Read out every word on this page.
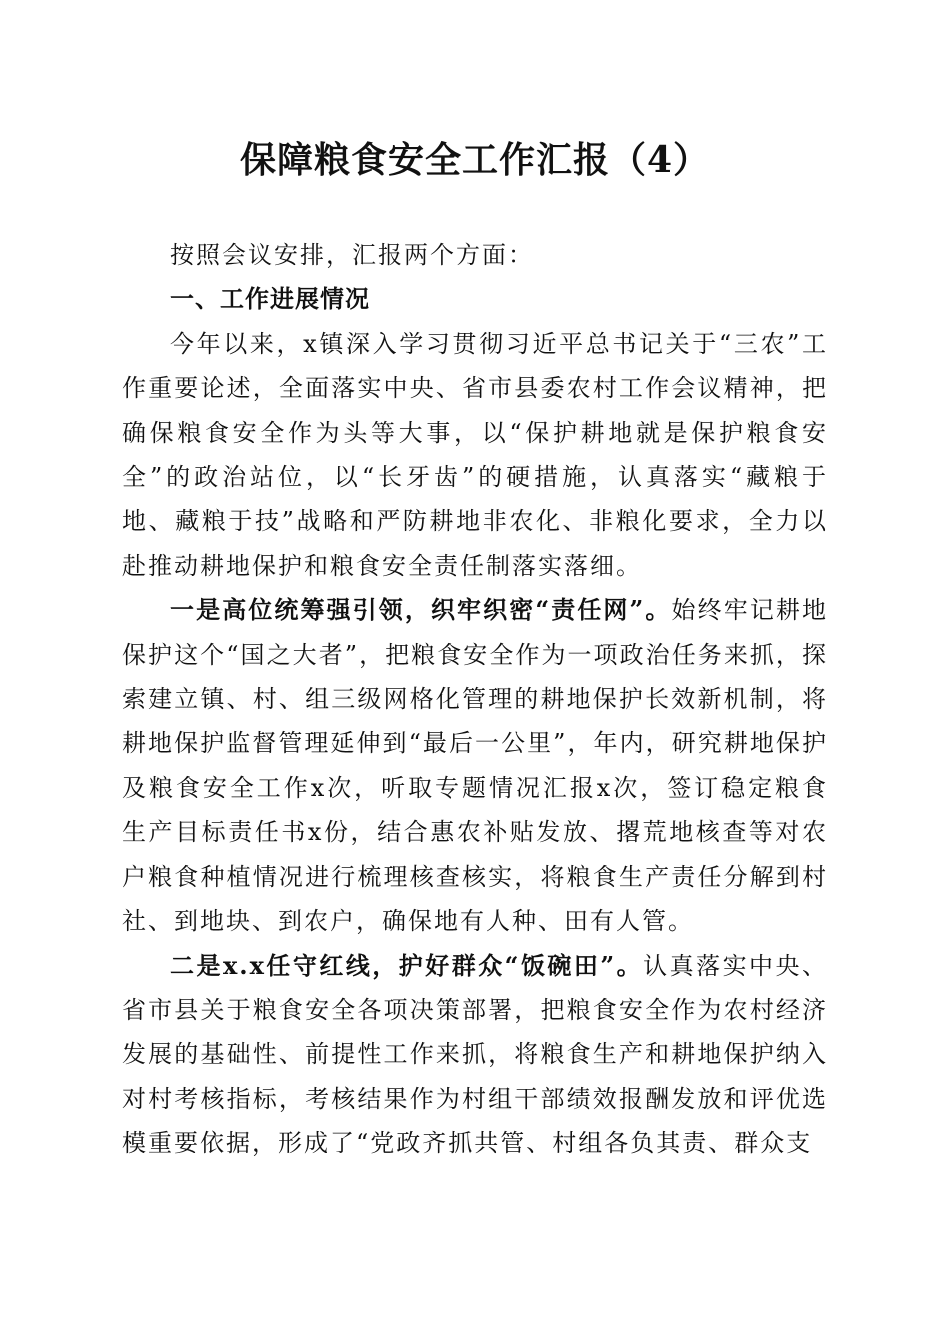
保障粮食安全工作汇报（4）

按照会议安排，汇报两个方面：

一、工作进展情况

今年以来，x镇深入学习贯彻习近平总书记关于“三农”工作重要论述，全面落实中央、省市县委农村工作会议精神，把确保粮食安全作为头等大事，以“保护耕地就是保护粮食安全”的政治站位，以“长牙齿”的硬措施，认真落实“藏粮于地、藏粮于技”战略和严防耕地非农化、非粮化要求，全力以赴推动耕地保护和粮食安全责任制落实落细。

一是高位统筹强引领，织牢织密“责任网”。始终牢记耕地保护这个“国之大者”，把粮食安全作为一项政治任务来抓，探索建立镇、村、组三级网格化管理的耕地保护长效新机制，将耕地保护监督管理延伸到“最后一公里”，年内，研究耕地保护及粮食安全工作x次，听取专题情况汇报x次，签订稳定粮食生产目标责任书x份，结合惠农补贴发放、撂荒地核查等对农户粮食种植情况进行梳理核查核实，将粮食生产责任分解到村社、到地块、到农户，确保地有人种、田有人管。

二是x.x任守红线，护好群众“饭碗田”。认真落实中央、省市县关于粮食安全各项决策部署，把粮食安全作为农村经济发展的基础性、前提性工作来抓，将粮食生产和耕地保护纳入对村考核指标，考核结果作为村组干部绩效报酬发放和评优选模重要依据，形成了“党政齐抓共管、村组各负其责、群众支
